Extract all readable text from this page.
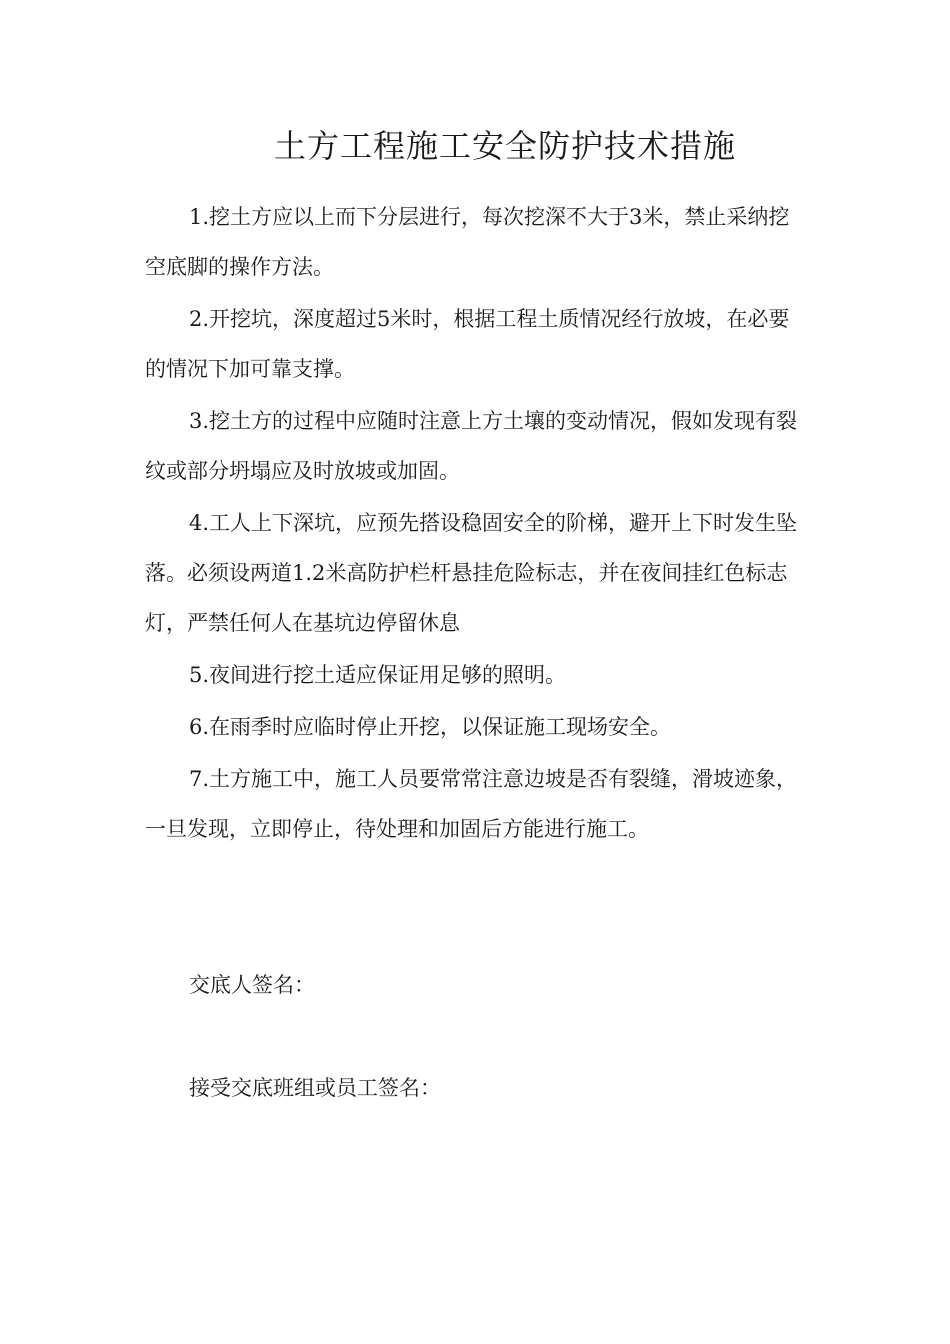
土方工程施工安全防护技术措施

1.挖土方应以上而下分层进行，每次挖深不大于3米，禁止采纳挖空底脚的操作方法。

2.开挖坑，深度超过5米时，根据工程土质情况经行放坡，在必要的情况下加可靠支撑。

3.挖土方的过程中应随时注意上方土壤的变动情况，假如发现有裂纹或部分坍塌应及时放坡或加固。

4.工人上下深坑，应预先搭设稳固安全的阶梯，避开上下时发生坠落。必须设两道1.2米高防护栏杆悬挂危险标志，并在夜间挂红色标志灯，严禁任何人在基坑边停留休息

5.夜间进行挖土适应保证用足够的照明。

6.在雨季时应临时停止开挖，以保证施工现场安全。

7.土方施工中，施工人员要常常注意边坡是否有裂缝，滑坡迹象，一旦发现，立即停止，待处理和加固后方能进行施工。

交底人签名：

接受交底班组或员工签名：
